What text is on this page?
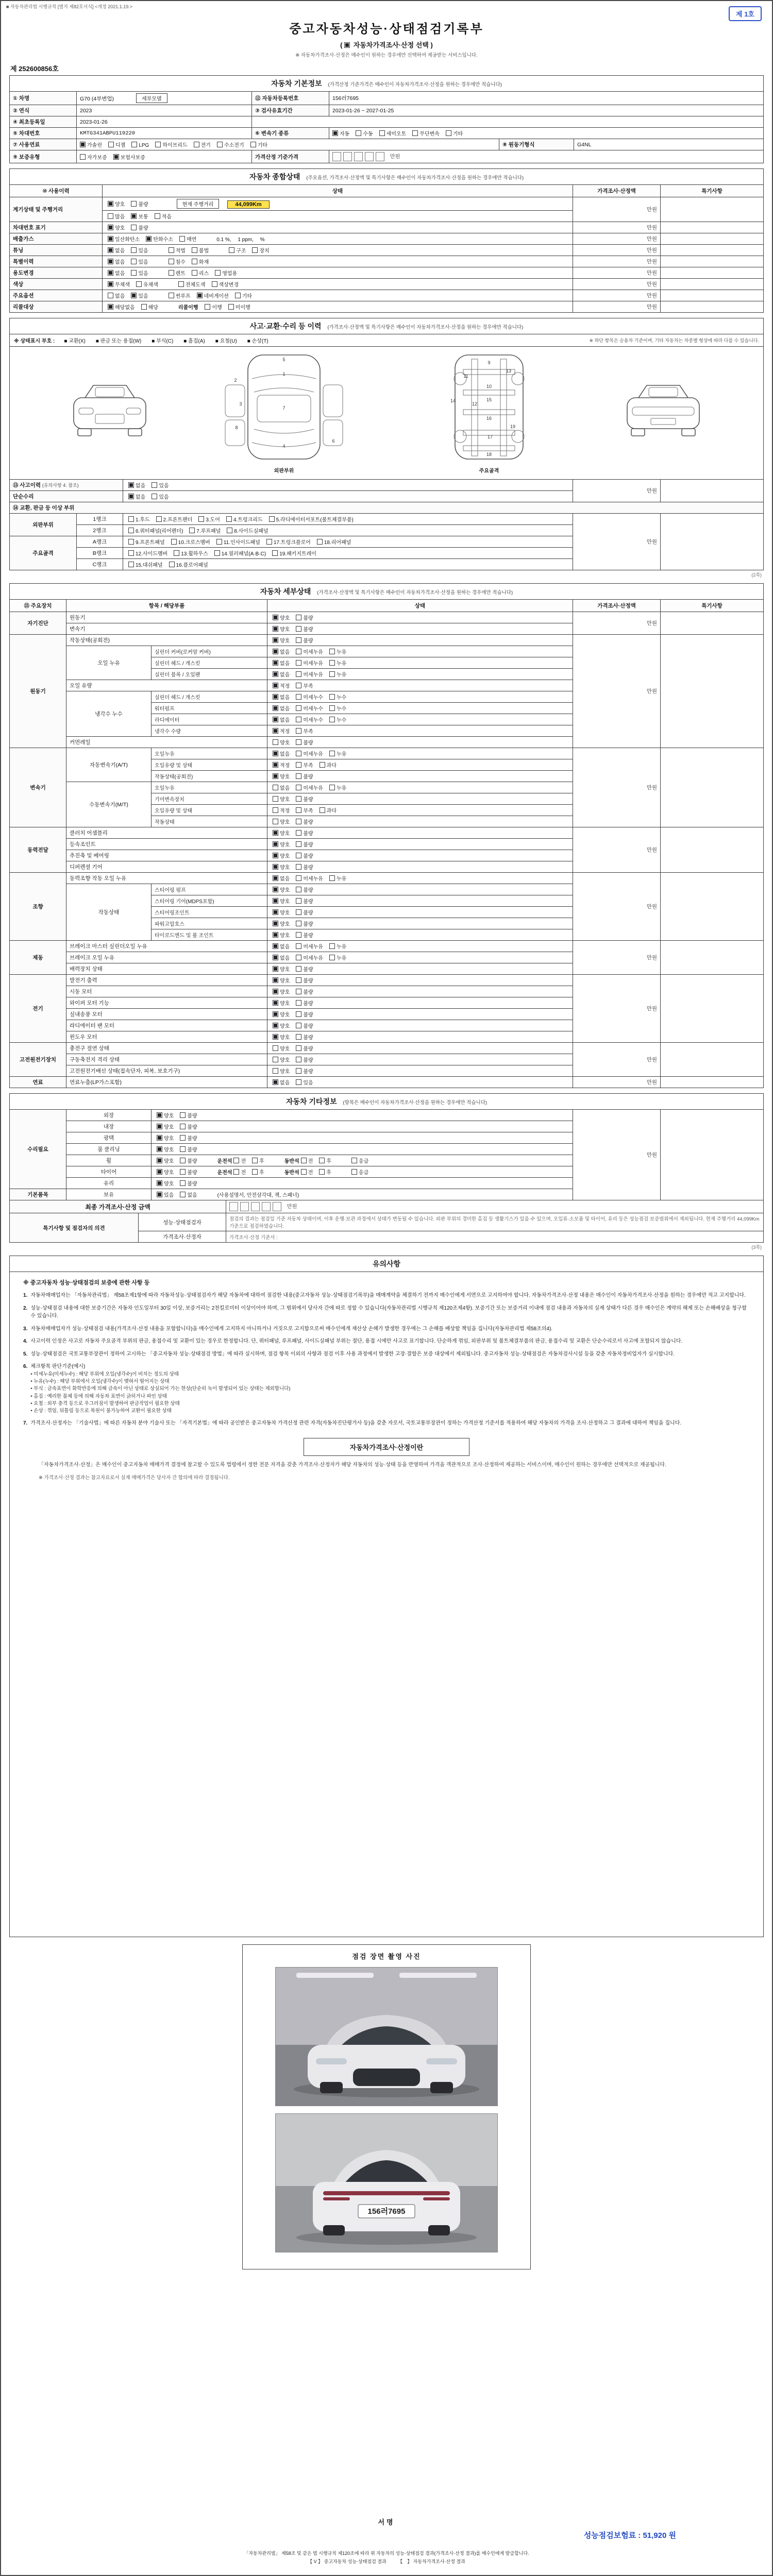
■ 자동차관리법 시행규칙 [별지 제82호서식] <개정 2021.1.19.>
제 1호
중고자동차성능·상태점검기록부
( 자동차가격조사·산정 선택 )
※ 자동차가격조사·산정은 매수인이 원하는 경우에만 선택하여 제공받는 서비스입니다.
제 252600856호
자동차 기본정보 (가격산정 기준가격은 매수인이 자동차가격조사·산정을 원하는 경우에만 적습니다)
① 차명	G70 (4부변업) 세부모델	⑫ 자동차등록번호	156러7695		
② 연식	2023	③ 검사유효기간	2023-01-26 ~ 2027-01-25		
④ 최초등록일	2023-01-26				
⑤ 차대번호	KMTG341ABPU119220	⑥ 변속기 종류	자동 수동 세미오토 무단변속 기타		
⑦ 사용연료	가솔린 디젤 LPG 하이브리드 전기 수소전기 기타			⑧ 원동기형식	G4NL
⑨ 보증유형	자가보증 보험사보증	가격산정 기준가격	만원		
자동차 종합상태 (주요옵션, 가격조사·산정액 및 특기사항은 매수인이 자동차가격조사·산정을 원하는 경우에만 적습니다)
⑩ 사용이력	상태	가격조사·산정액	특기사항
계기상태 및 주행거리	양호 불량 현재 주행거리 44,099Km	만원	
	많음 보통 적음		
차대번호 표기	양호 불량	만원	
배출가스	일산화탄소 탄화수소 매연 0.1 %,　 1 ppm,　 %	만원	
튜닝	없음 있음 적법 불법 구조 장치	만원	
특별이력	없음 있음 침수 화재	만원	
용도변경	없음 있음 렌트 리스 영업용	만원	
색상	무채색 유채색 전체도색 색상변경	만원	
주요옵션	없음 있음 썬루프 네비게이션 기타	만원	
리콜대상	해당없음 해당 리콜이행 이행 미이행	만원	
사고·교환·수리 등 이력 (가격조사·산정액 및 특기사항은 매수인이 자동차가격조사·산정을 원하는 경우에만 적습니다)
※ 상태표시 부호 : ■ 교환(X)　　■ 판금 또는 용접(W)　　■ 부식(C)　　■ 흠집(A)　　■ 요철(U)　　■ 손상(T)	※ 하단 항목은 승용차 기준이며, 기타 자동차는 차종별 형상에 따라 다를 수 있습니다.
1
2
3
4
5
6
7
8
외판부위
9
10
11
12
13
14	15
16
17
18
19
주요골격
⑬ 사고이력 (유의사항 4. 참조)		없음 있음	만원	
단순수리		없음 있음		
⑭ 교환, 판금 등 이상 부위				
외판부위	1랭크	1.후드 2.프론트펜더 3.도어 4.트렁크리드 5.라디에이터서포트(볼트체결부품)	만원	
	2랭크	6.쿼터패널(리어펜더) 7.루프패널 8.사이드실패널		
주요골격	A랭크	9.프론트패널 10.크로스멤버 11.인사이드패널 17.트렁크플로어 18.리어패널		
	B랭크	12.사이드멤버 13.휠하우스 14.필러패널(A·B·C) 19.패키지트레이		
	C랭크	15.대쉬패널 16.플로어패널		
(2쪽)
자동차 세부상태 (가격조사·산정액 및 특기사항은 매수인이 자동차가격조사·산정을 원하는 경우에만 적습니다)
⑮ 주요장치	항목 / 해당부품		상태	가격조사·산정액	특기사항
자기진단	원동기		양호 불량	만원	
	변속기		양호 불량		
원동기	작동상태(공회전)		양호 불량	만원	
	오일 누유	실린더 커버(로커암 커버)	없음 미세누유 누유		
		실린더 헤드 / 개스킷	없음 미세누유 누유		
		실린더 블록 / 오일팬	없음 미세누유 누유		
	오일 유량		적정 부족		
	냉각수 누수	실린더 헤드 / 개스킷	없음 미세누수 누수		
		워터펌프	없음 미세누수 누수		
		라디에이터	없음 미세누수 누수		
		냉각수 수량	적정 부족		
	커먼레일		양호 불량		
변속기	자동변속기(A/T)	오일누유	없음 미세누유 누유	만원	
		오일유량 및 상태	적정 부족 과다		
		작동상태(공회전)	양호 불량		
	수동변속기(M/T)	오일누유	없음 미세누유 누유		
		기어변속장치	양호 불량		
		오일유량 및 상태	적정 부족 과다		
		작동상태	양호 불량		
동력전달	클러치 어셈블리		양호 불량	만원	
	등속조인트		양호 불량		
	추진축 및 베어링		양호 불량		
	디퍼렌셜 기어		양호 불량		
조향	동력조향 작동 오일 누유		없음 미세누유 누유	만원	
	작동상태	스티어링 펌프	양호 불량		
		스티어링 기어(MDPS포함)	양호 불량		
		스티어링조인트	양호 불량		
		파워고압호스	양호 불량		
		타이로드엔드 및 볼 조인트	양호 불량		
제동	브레이크 마스터 실린더오일 누유		없음 미세누유 누유	만원	
	브레이크 오일 누유		없음 미세누유 누유		
	배력장치 상태		양호 불량		
전기	발전기 출력		양호 불량	만원	
	시동 모터		양호 불량		
	와이퍼 모터 기능		양호 불량		
	실내송풍 모터		양호 불량		
	라디에이터 팬 모터		양호 불량		
	윈도우 모터		양호 불량		
고전원전기장치	충전구 절연 상태		양호 불량	만원	
	구동축전지 격리 상태		양호 불량		
	고전원전기배선 상태(접속단자, 피복, 보호기구)		양호 불량		
연료	연료누출(LP가스포함)		없음 있음	만원	
자동차 기타정보 (항목은 매수인이 자동차가격조사·산정을 원하는 경우에만 적습니다)
수리필요	외장	양호 불량	만원	
	내장	양호 불량		
	광택	양호 불량		
	룸 클리닝	양호 불량		
	휠	양호 불량 운전석 전 후 동반석 전 후 응급		
	타이어	양호 불량 운전석 전 후 동반석 전 후 응급		
	유리	양호 불량		
기본품목	보유	있음 없음 (사용설명서, 안전삼각대, 잭, 스패너)		
최종 가격조사·산정 금액		만원
특기사항 및 점검자의 의견	성능·상태점검자	점검의 결과는 점검일 기준 자동차 상태이며, 이후 운행·보관 과정에서 상태가 변동될 수 있습니다. 외판 부위의 경미한 흠집 등 생활기스가 있을 수 있으며, 오일류·소모품 및 타이어, 유리 등은 성능점검 보증범위에서 제외됩니다. 현재 주행거리 44,099Km 기준으로 점검하였습니다.
	가격조사·산정자	가격조사·산정 기준서 :
(3쪽)
유의사항
※ 중고자동차 성능·상태점검의 보증에 관한 사항 등
1. 자동차매매업자는 「자동차관리법」 제58조제1항에 따라 자동차성능·상태점검자가 해당 자동차에 대하여 점검한 내용(중고자동차 성능·상태점검기록부)을 매매계약을 체결하기 전까지 매수인에게 서면으로 고지하여야 합니다. 자동차가격조사·산정 내용은 매수인이 자동차가격조사·산정을 원하는 경우에만 적고 고지합니다.
2. 성능·상태점검 내용에 대한 보증기간은 자동차 인도일부터 30일 이상, 보증거리는 2천킬로미터 이상이어야 하며, 그 범위에서 당사자 간에 따로 정할 수 있습니다(자동차관리법 시행규칙 제120조제4항). 보증기간 또는 보증거리 이내에 점검 내용과 자동차의 실제 상태가 다른 경우 매수인은 계약의 해제 또는 손해배상을 청구할 수 있습니다.
3. 자동차매매업자가 성능·상태점검 내용(가격조사·산정 내용을 포함합니다)을 매수인에게 고지하지 아니하거나 거짓으로 고지함으로써 매수인에게 재산상 손해가 발생한 경우에는 그 손해를 배상할 책임을 집니다(자동차관리법 제58조의4).
4. 사고이력 인정은 사고로 자동차 주요골격 부위의 판금, 용접수리 및 교환이 있는 경우로 한정합니다. 단, 쿼터패널, 루프패널, 사이드실패널 부위는 절단, 용접 시에만 사고로 표기합니다. 단순하게 꺾임, 외판부위 및 볼트체결부품의 판금, 용접수리 및 교환은 단순수리로서 사고에 포함되지 않습니다.
5. 성능·상태점검은 국토교통부장관이 정하여 고시하는 「중고자동차 성능·상태점검 방법」에 따라 실시하며, 점검 항목 이외의 사항과 점검 이후 사용 과정에서 발생한 고장·결함은 보증 대상에서 제외됩니다. 중고자동차 성능·상태점검은 자동차검사시설 등을 갖춘 자동차정비업자가 실시합니다.
6. 체크항목 판단기준(예시)
• 미세누유(미세누수) : 해당 부위에 오일(냉각수)이 비치는 정도의 상태
• 누유(누수) : 해당 부위에서 오일(냉각수)이 맺혀서 떨어지는 상태
• 부식 : 금속표면이 화학반응에 의해 금속이 아닌 상태로 상실되어 가는 현상(단순히 녹이 발생되어 있는 상태는 제외합니다)
• 흠집 : 예리한 물체 등에 의해 자동차 표면이 긁히거나 파인 상태
• 요철 : 외부 충격 등으로 우그러짐이 발생하여 판금작업이 필요한 상태
• 손상 : 꺾임, 뒤틀림 등으로 복원이 불가능하여 교환이 필요한 상태
7. 가격조사·산정자는 「기술사법」에 따른 자동차 분야 기술사 또는 「자격기본법」에 따라 공인받은 중고자동차 가격산정 관련 자격(자동차진단평가사 등)을 갖춘 자로서, 국토교통부장관이 정하는 가격산정 기준서를 적용하여 해당 자동차의 가격을 조사·산정하고 그 결과에 대하여 책임을 집니다.
자동차가격조사·산정이란
「자동차가격조사·산정」은 매수인이 중고자동차 매매가격 결정에 참고할 수 있도록 법령에서 정한 전문 자격을 갖춘 가격조사·산정자가 해당 자동차의 성능·상태 등을 반영하여 가격을 객관적으로 조사·산정하여 제공하는 서비스이며, 매수인이 원하는 경우에만 선택적으로 제공됩니다.
※ 가격조사·산정 결과는 참고자료로서 실제 매매가격은 당사자 간 합의에 따라 결정됩니다.
점검 장면 촬영 사진
156러7695
서명
성능점검보험료 : 51,920 원
「자동차관리법」 제58조 및 같은 법 시행규칙 제120조에 따라 위 자동차의 성능·상태점검 결과(가격조사·산정 결과)를 매수인에게 발급합니다.
【 V 】 중고자동차 성능·상태점검 결과　　　【　】 자동차가격조사·산정 결과
